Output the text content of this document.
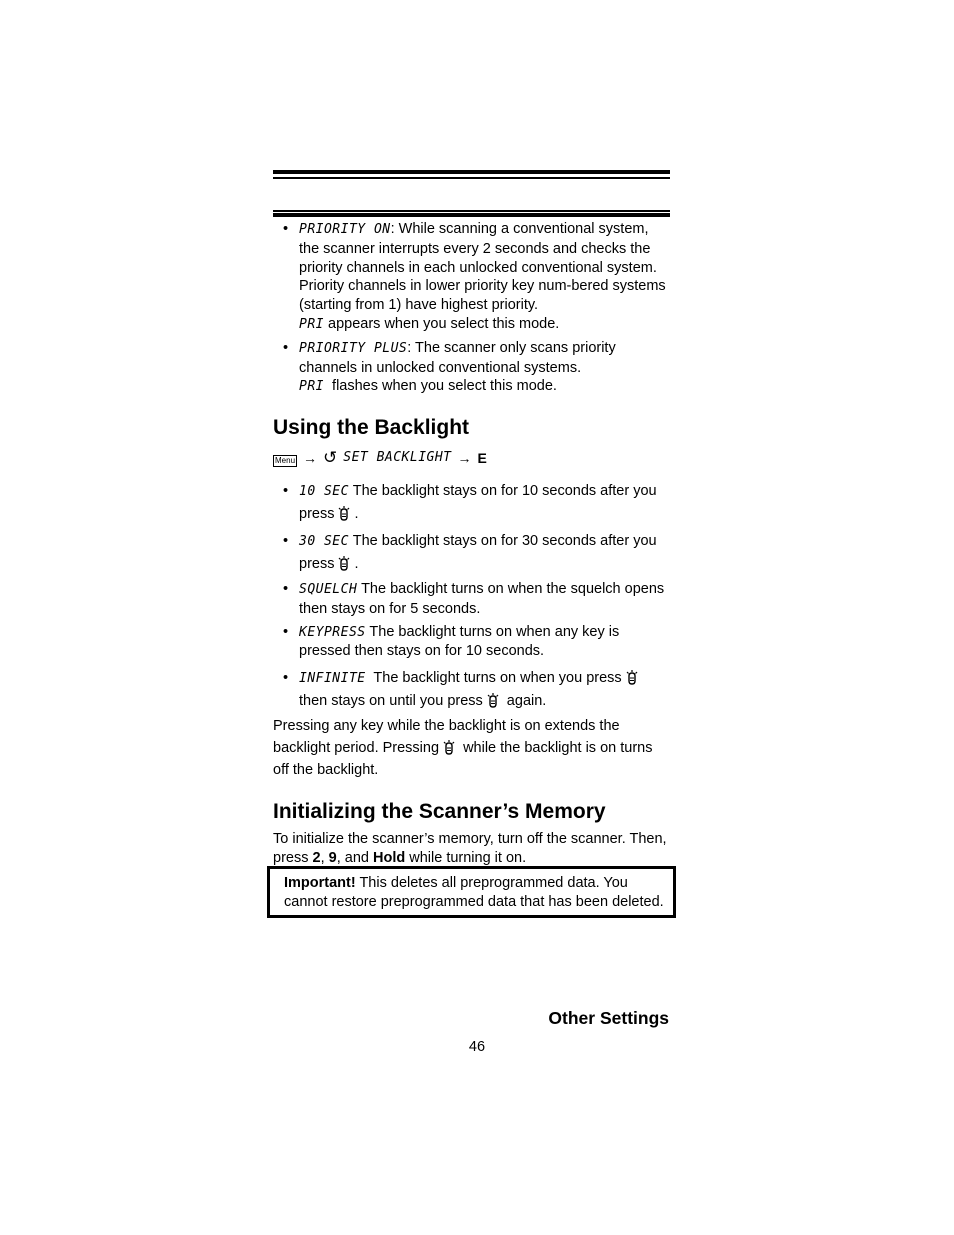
• PRIORITY ON: While scanning a conventional system, the scanner interrupts every 2 seconds and checks the priority channels in each unlocked conventional system. Priority channels in lower priority key num-bered systems (starting from 1) have highest priority.
PRI appears when you select this mode.
• PRIORITY PLUS: The scanner only scans priority channels in unlocked conventional systems.
PRI  flashes when you select this mode.
Using the Backlight
Menu → ↺ SET BACKLIGHT → E
• 10 SEC The backlight stays on for 10 seconds after you press .
• 30 SEC The backlight stays on for 30 seconds after you press .
• SQUELCH The backlight turns on when the squelch opens then stays on for 5 seconds.
• KEYPRESS The backlight turns on when any key is pressed then stays on for 10 seconds.
• INFINITE  The backlight turns on when you press
then stays on until you press again.

Pressing any key while the backlight is on extends the backlight period. Pressing while the backlight is on turns off the backlight.

Initializing the Scanner’s Memory

To initialize the scanner’s memory, turn off the scanner. Then, press 2, 9, and Hold while turning it on.

Important! This deletes all preprogrammed data. You cannot restore preprogrammed data that has been deleted.
Other Settings
46
